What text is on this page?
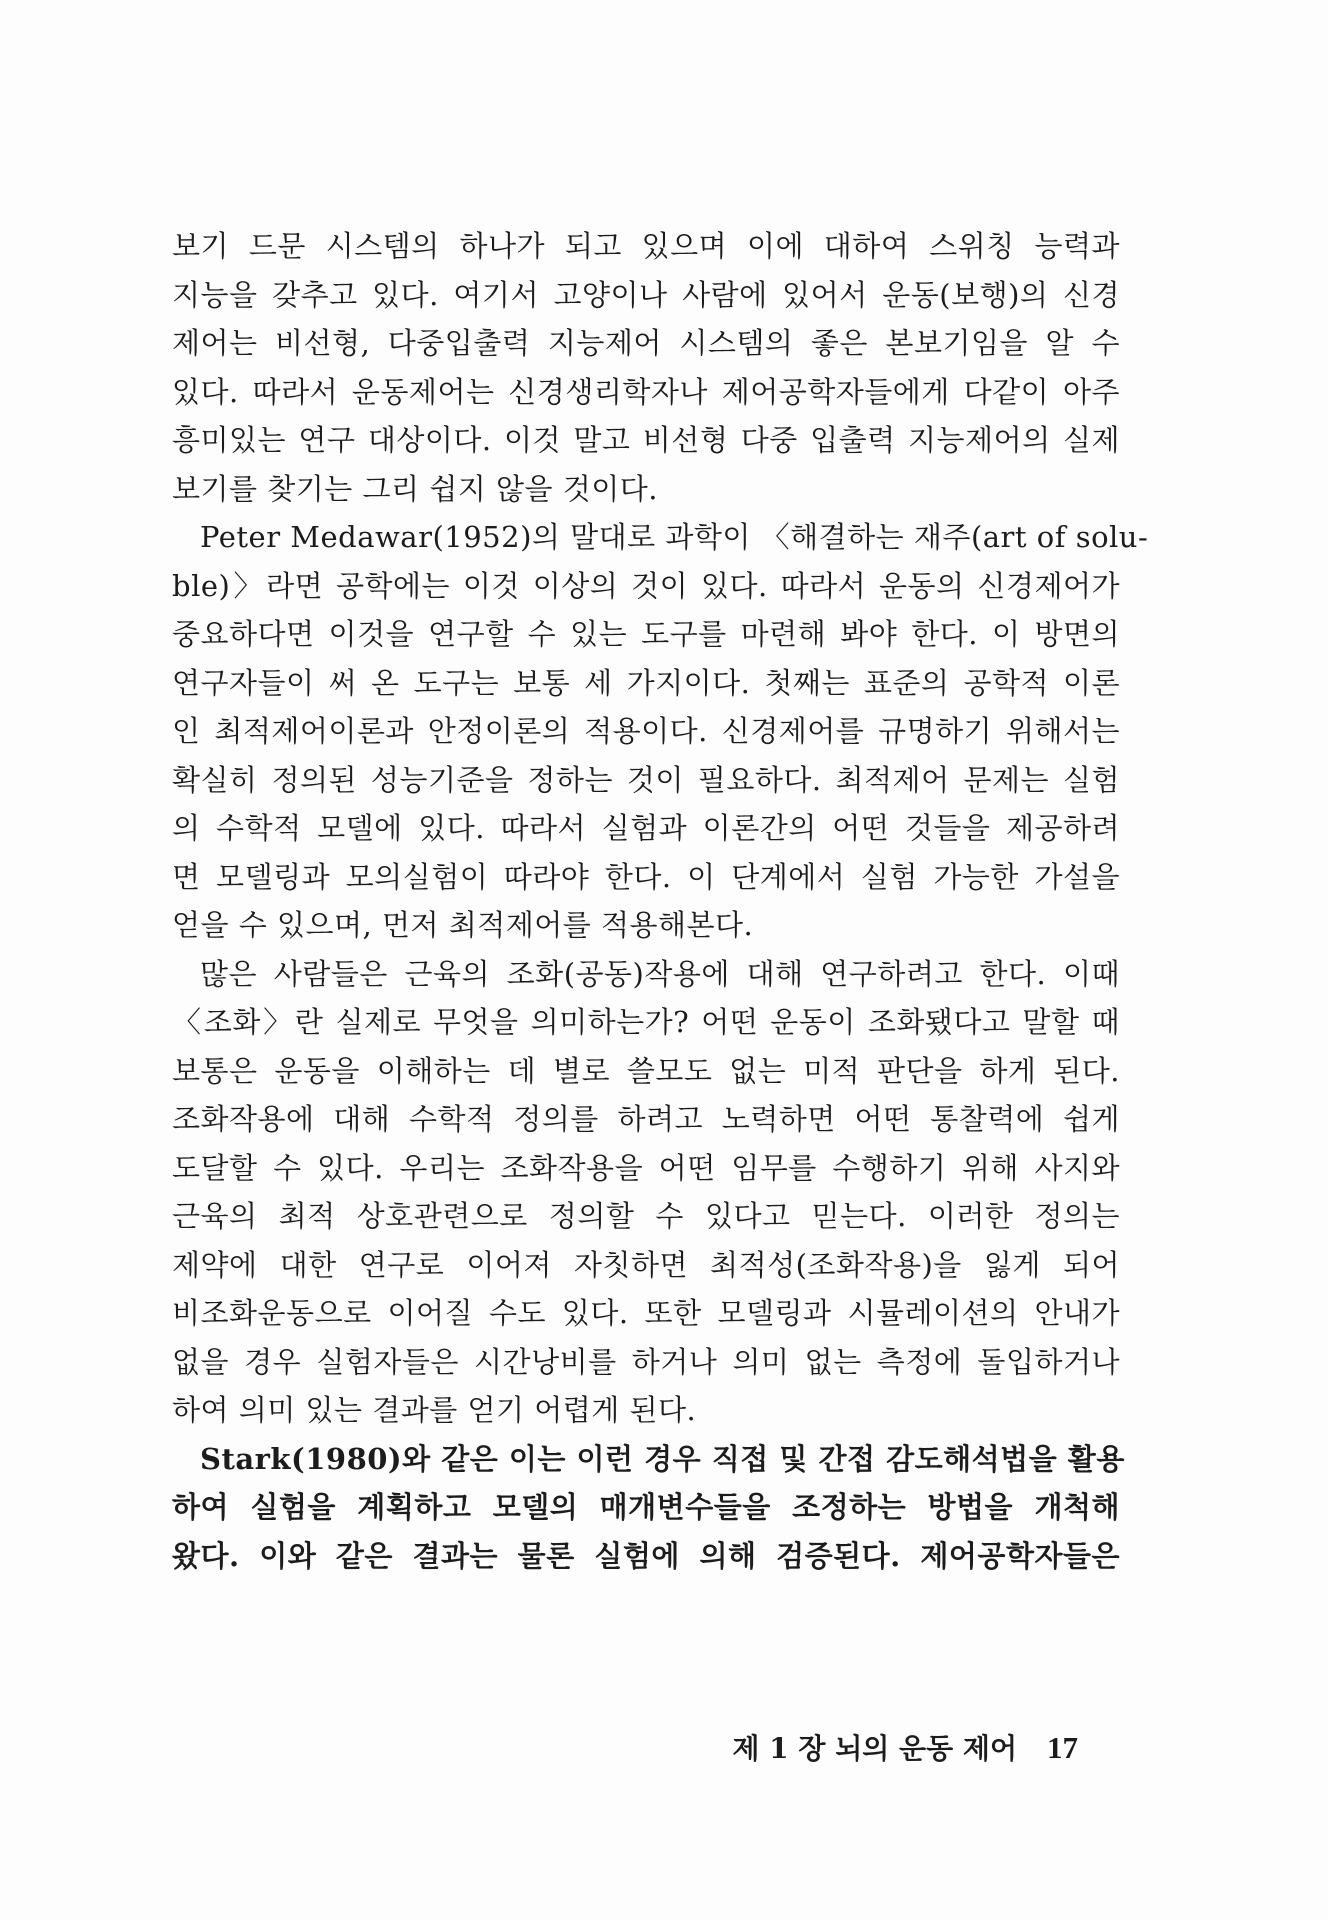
보기 드문 시스템의 하나가 되고 있으며 이에 대하여 스위칭 능력과
지능을 갖추고 있다. 여기서 고양이나 사람에 있어서 운동(보행)의 신경
제어는 비선형, 다중입출력 지능제어 시스템의 좋은 본보기임을 알 수
있다. 따라서 운동제어는 신경생리학자나 제어공학자들에게 다같이 아주
흥미있는 연구 대상이다. 이것 말고 비선형 다중 입출력 지능제어의 실제
보기를 찾기는 그리 쉽지 않을 것이다.
Peter Medawar(1952)의 말대로 과학이 〈해결하는 재주(art of solu-
ble)〉라면 공학에는 이것 이상의 것이 있다. 따라서 운동의 신경제어가
중요하다면 이것을 연구할 수 있는 도구를 마련해 봐야 한다. 이 방면의
연구자들이 써 온 도구는 보통 세 가지이다. 첫째는 표준의 공학적 이론
인 최적제어이론과 안정이론의 적용이다. 신경제어를 규명하기 위해서는
확실히 정의된 성능기준을 정하는 것이 필요하다. 최적제어 문제는 실험
의 수학적 모델에 있다. 따라서 실험과 이론간의 어떤 것들을 제공하려
면 모델링과 모의실험이 따라야 한다. 이 단계에서 실험 가능한 가설을
얻을 수 있으며, 먼저 최적제어를 적용해본다.
많은 사람들은 근육의 조화(공동)작용에 대해 연구하려고 한다. 이때
〈조화〉란 실제로 무엇을 의미하는가? 어떤 운동이 조화됐다고 말할 때
보통은 운동을 이해하는 데 별로 쓸모도 없는 미적 판단을 하게 된다.
조화작용에 대해 수학적 정의를 하려고 노력하면 어떤 통찰력에 쉽게
도달할 수 있다. 우리는 조화작용을 어떤 임무를 수행하기 위해 사지와
근육의 최적 상호관련으로 정의할 수 있다고 믿는다. 이러한 정의는
제약에 대한 연구로 이어져 자칫하면 최적성(조화작용)을 잃게 되어
비조화운동으로 이어질 수도 있다. 또한 모델링과 시뮬레이션의 안내가
없을 경우 실험자들은 시간낭비를 하거나 의미 없는 측정에 돌입하거나
하여 의미 있는 결과를 얻기 어렵게 된다.
Stark(1980)와 같은 이는 이런 경우 직접 및 간접 감도해석법을 활용
하여 실험을 계획하고 모델의 매개변수들을 조정하는 방법을 개척해
왔다. 이와 같은 결과는 물론 실험에 의해 검증된다. 제어공학자들은
제 1 장 뇌의 운동 제어 17
